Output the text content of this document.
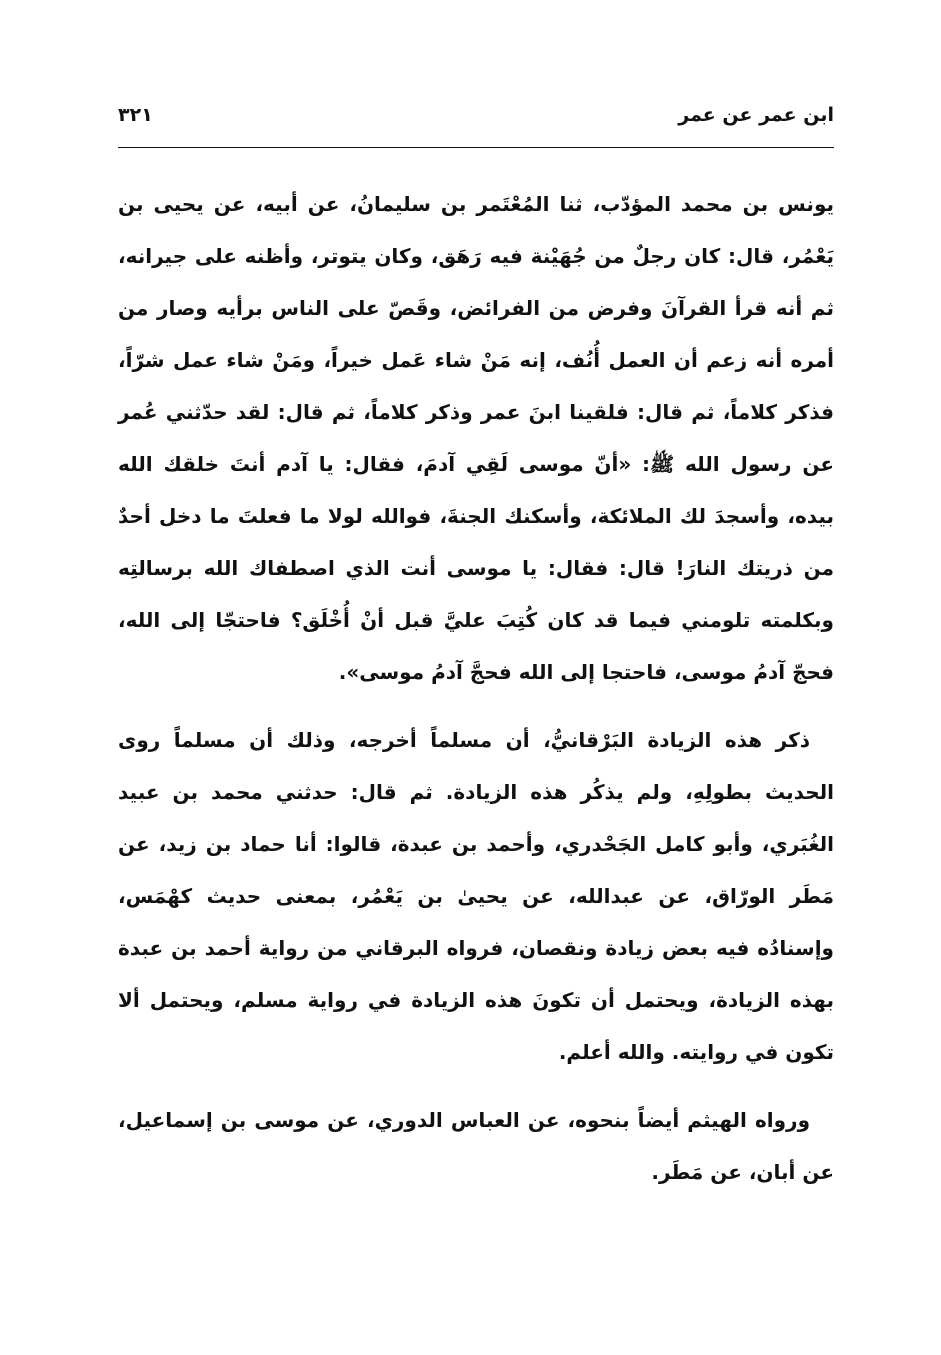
ابن عمر عن عمر
٣٢١

يونس بن محمد المؤدّب، ثنا المُعْتَمر بن سليمانُ، عن أبيه، عن يحيى بن يَعْمُر، قال: كان رجلٌ من جُهَيْنة فيه رَهَق، وكان يتوتر، وأظنه على جيرانه، ثم أنه قرأ القرآنَ وفرض من الفرائض، وقَصّ على الناس برأيه وصار من أمره أنه زعم أن العمل أُنُف، إنه مَنْ شاء عَمل خيراً، ومَنْ شاء عمل شرّاً، فذكر كلاماً، ثم قال: فلقينا ابنَ عمر وذكر كلاماً، ثم قال: لقد حدّثني عُمر عن رسول الله ﷺ: «أنّ موسى لَقِي آدمَ، فقال: يا آدم أنتَ خلقك الله بيده، وأسجدَ لك الملائكة، وأسكنك الجنةَ، فوالله لولا ما فعلتَ ما دخل أحدٌ من ذريتك النارَ! قال: فقال: يا موسى أنت الذي اصطفاك الله برسالتِه وبكلمته تلومني فيما قد كان كُتِبَ عليَّ قبل أنْ أُخْلَق؟ فاحتجّا إلى الله، فحجّ آدمُ موسى، فاحتجا إلى الله فحجَّ آدمُ موسى».

ذكر هذه الزيادة البَرْقانيُّ، أن مسلماً أخرجه، وذلك أن مسلماً روى الحديث بطولِهِ، ولم يذكُر هذه الزيادة. ثم قال: حدثني محمد بن عبيد الغُبَري، وأبو كامل الجَحْدري، وأحمد بن عبدة، قالوا: أنا حماد بن زيد، عن مَطَر الورّاق، عن عبدالله، عن يحيىٰ بن يَعْمُر، بمعنى حديث كهْمَس، وإسنادُه فيه بعض زيادة ونقصان، فرواه البرقاني من رواية أحمد بن عبدة بهذه الزيادة، ويحتمل أن تكونَ هذه الزيادة في رواية مسلم، ويحتمل ألا تكون في روايته. والله أعلم.

ورواه الهيثم أيضاً بنحوه، عن العباس الدوري، عن موسى بن إسماعيل، عن أبان، عن مَطَر.
